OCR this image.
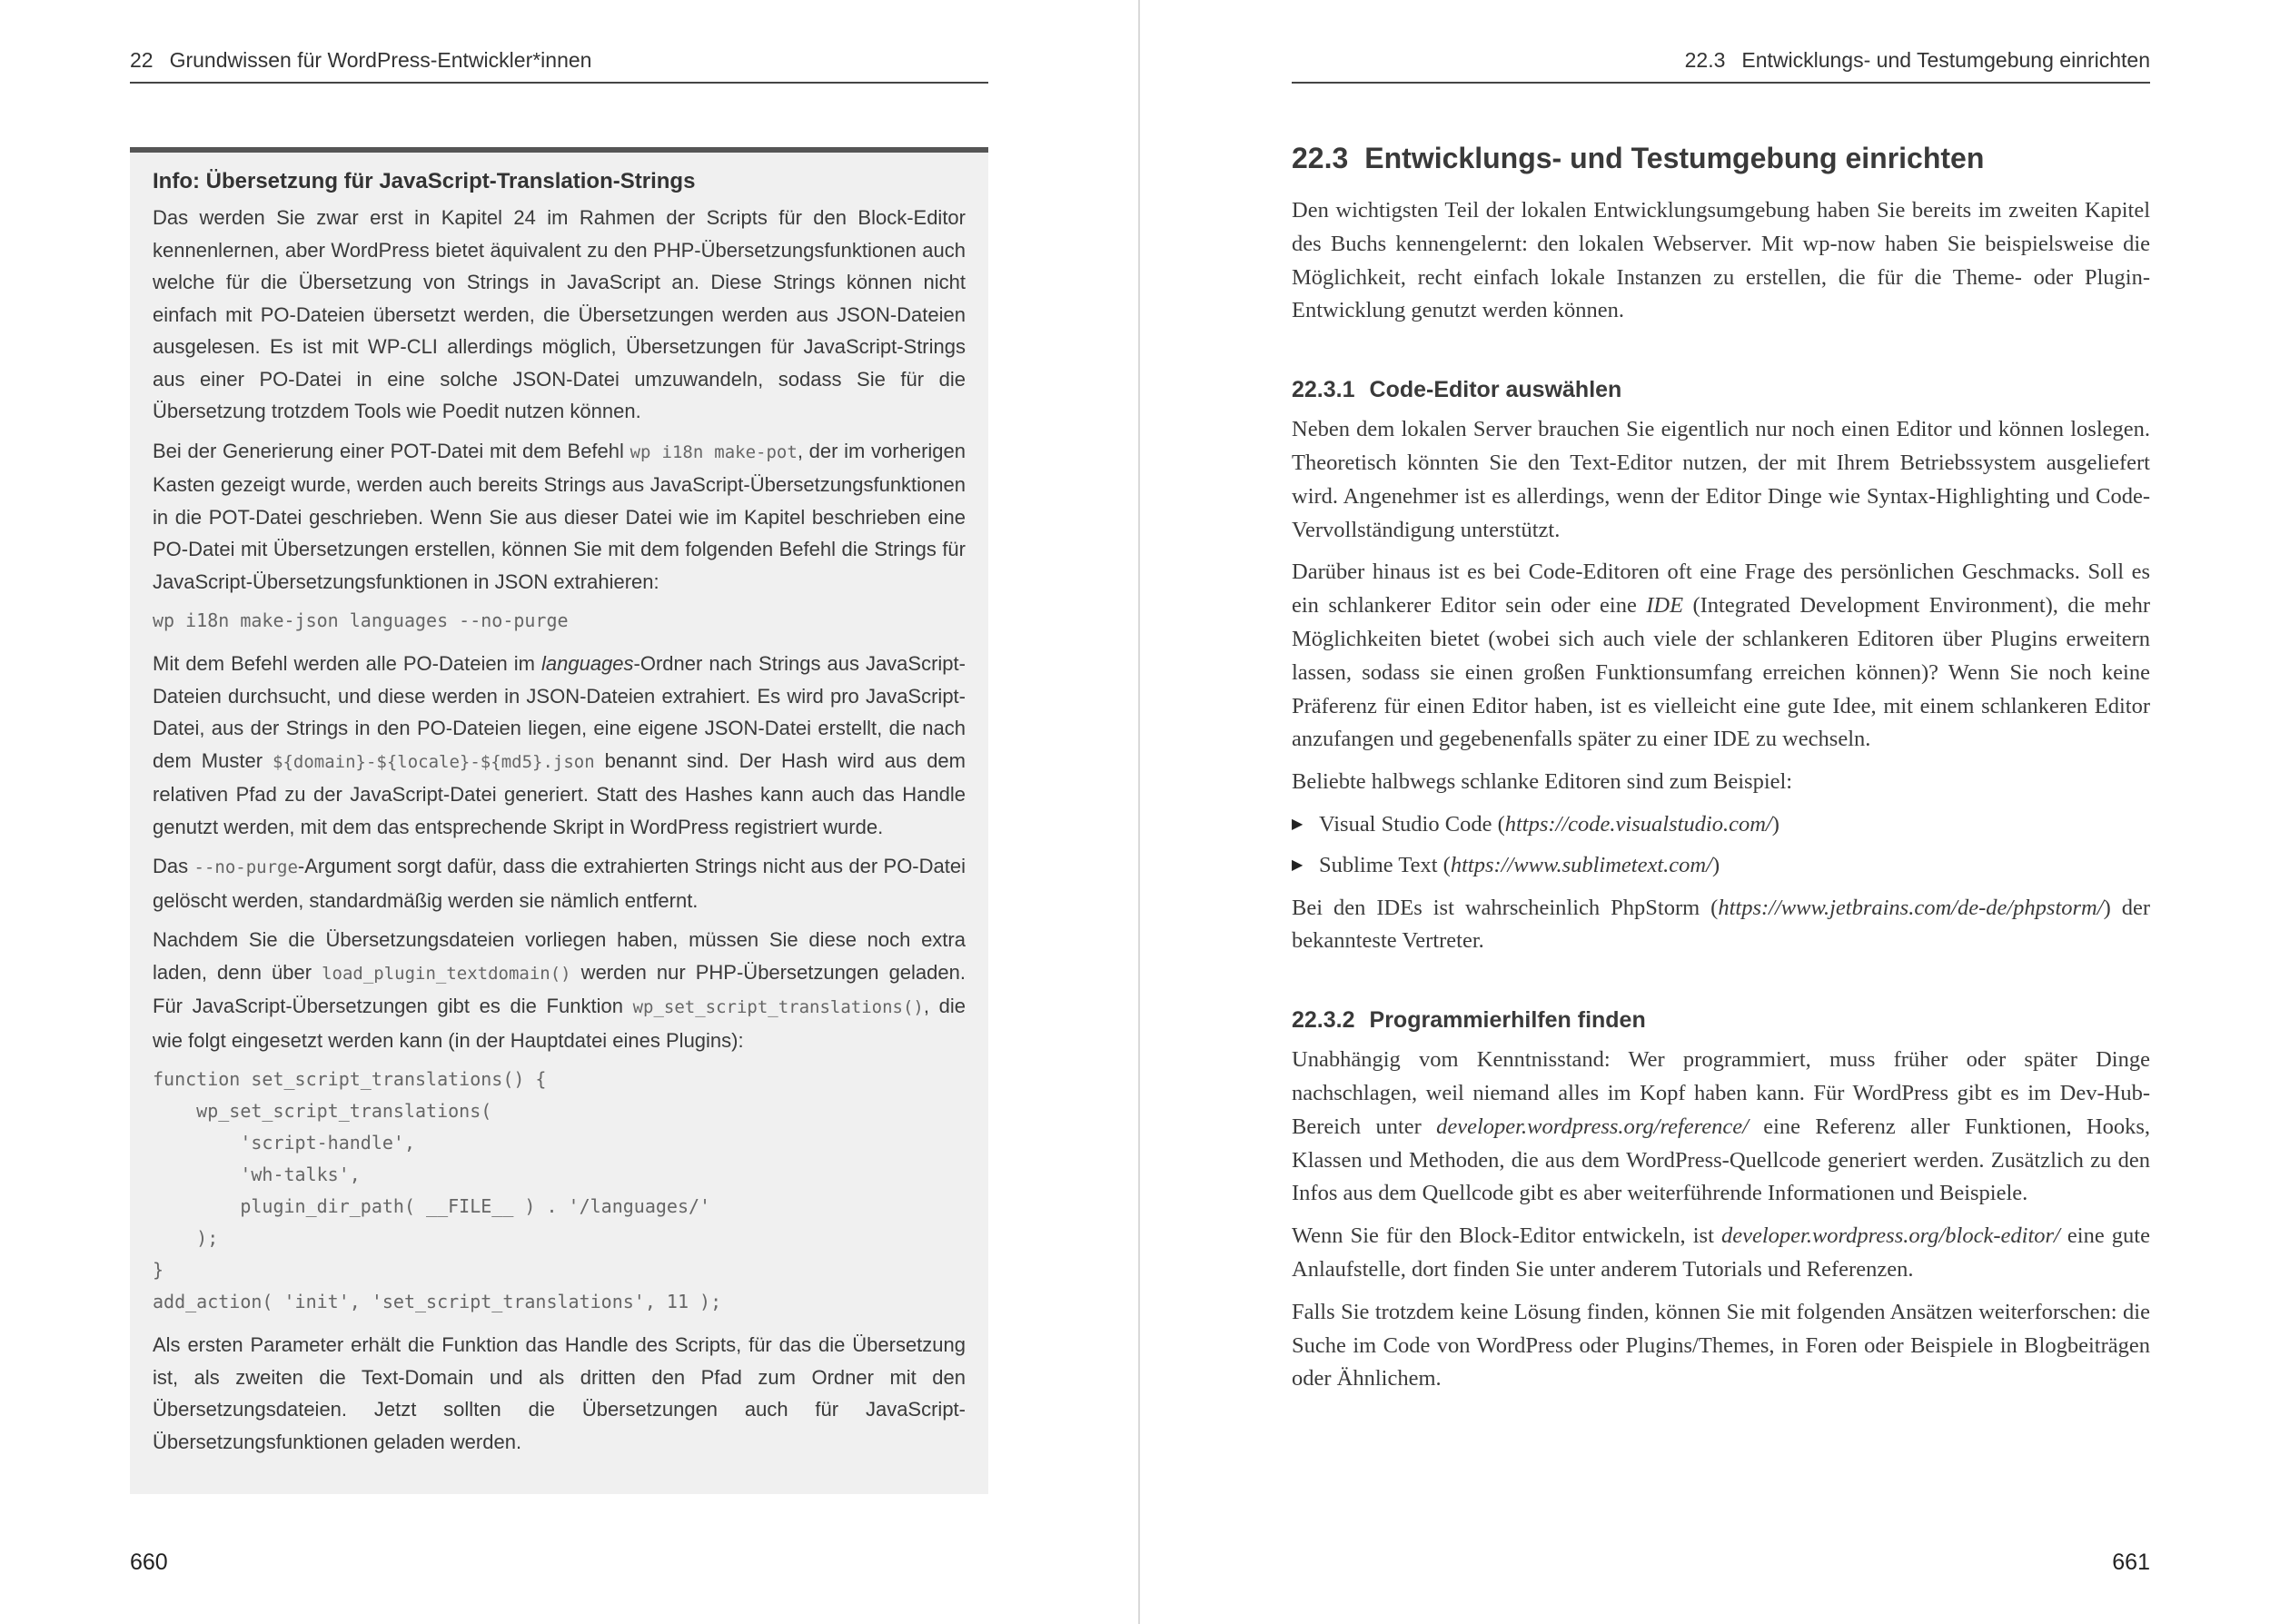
22 Grundwissen für WordPress-Entwickler*innen
Info: Übersetzung für JavaScript-Translation-Strings

Das werden Sie zwar erst in Kapitel 24 im Rahmen der Scripts für den Block-Editor kennenlernen, aber WordPress bietet äquivalent zu den PHP-Übersetzungsfunktionen auch welche für die Übersetzung von Strings in JavaScript an. Diese Strings können nicht einfach mit PO-Dateien übersetzt werden, die Übersetzungen werden aus JSON-Dateien ausgelesen. Es ist mit WP-CLI allerdings möglich, Übersetzungen für JavaScript-Strings aus einer PO-Datei in eine solche JSON-Datei umzuwandeln, sodass Sie für die Übersetzung trotzdem Tools wie Poedit nutzen können.

Bei der Generierung einer POT-Datei mit dem Befehl wp i18n make-pot, der im vorherigen Kasten gezeigt wurde, werden auch bereits Strings aus JavaScript-Übersetzungsfunktionen in die POT-Datei geschrieben. Wenn Sie aus dieser Datei wie im Kapitel beschrieben eine PO-Datei mit Übersetzungen erstellen, können Sie mit dem folgenden Befehl die Strings für JavaScript-Übersetzungsfunktionen in JSON extrahieren:

wp i18n make-json languages --no-purge

Mit dem Befehl werden alle PO-Dateien im languages-Ordner nach Strings aus JavaScript-Dateien durchsucht, und diese werden in JSON-Dateien extrahiert. Es wird pro JavaScript-Datei, aus der Strings in den PO-Dateien liegen, eine eigene JSON-Datei erstellt, die nach dem Muster ${domain}-${locale}-${md5}.json benannt sind. Der Hash wird aus dem relativen Pfad zu der JavaScript-Datei generiert. Statt des Hashes kann auch das Handle genutzt werden, mit dem das entsprechende Skript in WordPress registriert wurde.

Das --no-purge-Argument sorgt dafür, dass die extrahierten Strings nicht aus der PO-Datei gelöscht werden, standardmäßig werden sie nämlich entfernt.

Nachdem Sie die Übersetzungsdateien vorliegen haben, müssen Sie diese noch extra laden, denn über load_plugin_textdomain() werden nur PHP-Übersetzungen geladen. Für JavaScript-Übersetzungen gibt es die Funktion wp_set_script_translations(), die wie folgt eingesetzt werden kann (in der Hauptdatei eines Plugins):

function set_script_translations() {
wp_set_script_translations(
'script-handle',
'wh-talks',
plugin_dir_path( __FILE__ ) . '/languages/'
);
}
add_action( 'init', 'set_script_translations', 11 );

Als ersten Parameter erhält die Funktion das Handle des Scripts, für das die Übersetzung ist, als zweiten die Text-Domain und als dritten den Pfad zum Ordner mit den Übersetzungsdateien. Jetzt sollten die Übersetzungen auch für JavaScript-Übersetzungsfunktionen geladen werden.

660
22.3 Entwicklungs- und Testumgebung einrichten
22.3 Entwicklungs- und Testumgebung einrichten

Den wichtigsten Teil der lokalen Entwicklungsumgebung haben Sie bereits im zweiten Kapitel des Buchs kennengelernt: den lokalen Webserver. Mit wp-now haben Sie beispielsweise die Möglichkeit, recht einfach lokale Instanzen zu erstellen, die für die Theme- oder Plugin-Entwicklung genutzt werden können.

22.3.1 Code-Editor auswählen

Neben dem lokalen Server brauchen Sie eigentlich nur noch einen Editor und können loslegen. Theoretisch könnten Sie den Text-Editor nutzen, der mit Ihrem Betriebssystem ausgeliefert wird. Angenehmer ist es allerdings, wenn der Editor Dinge wie Syntax-Highlighting und Code-Vervollständigung unterstützt.

Darüber hinaus ist es bei Code-Editoren oft eine Frage des persönlichen Geschmacks. Soll es ein schlankerer Editor sein oder eine IDE (Integrated Development Environment), die mehr Möglichkeiten bietet (wobei sich auch viele der schlankeren Editoren über Plugins erweitern lassen, sodass sie einen großen Funktionsumfang erreichen können)? Wenn Sie noch keine Präferenz für einen Editor haben, ist es vielleicht eine gute Idee, mit einem schlankeren Editor anzufangen und gegebenenfalls später zu einer IDE zu wechseln.

Beliebte halbwegs schlanke Editoren sind zum Beispiel:

▶ Visual Studio Code (https://code.visualstudio.com/)
▶ Sublime Text (https://www.sublimetext.com/)

Bei den IDEs ist wahrscheinlich PhpStorm (https://www.jetbrains.com/de-de/phpstorm/) der bekannteste Vertreter.

22.3.2 Programmierhilfen finden

Unabhängig vom Kenntnisstand: Wer programmiert, muss früher oder später Dinge nachschlagen, weil niemand alles im Kopf haben kann. Für WordPress gibt es im Dev-Hub-Bereich unter developer.wordpress.org/reference/ eine Referenz aller Funktionen, Hooks, Klassen und Methoden, die aus dem WordPress-Quellcode generiert werden. Zusätzlich zu den Infos aus dem Quellcode gibt es aber weiterführende Informationen und Beispiele.

Wenn Sie für den Block-Editor entwickeln, ist developer.wordpress.org/block-editor/ eine gute Anlaufstelle, dort finden Sie unter anderem Tutorials und Referenzen.

Falls Sie trotzdem keine Lösung finden, können Sie mit folgenden Ansätzen weiterforschen: die Suche im Code von WordPress oder Plugins/Themes, in Foren oder Beispiele in Blogbeiträgen oder Ähnlichem.

661
